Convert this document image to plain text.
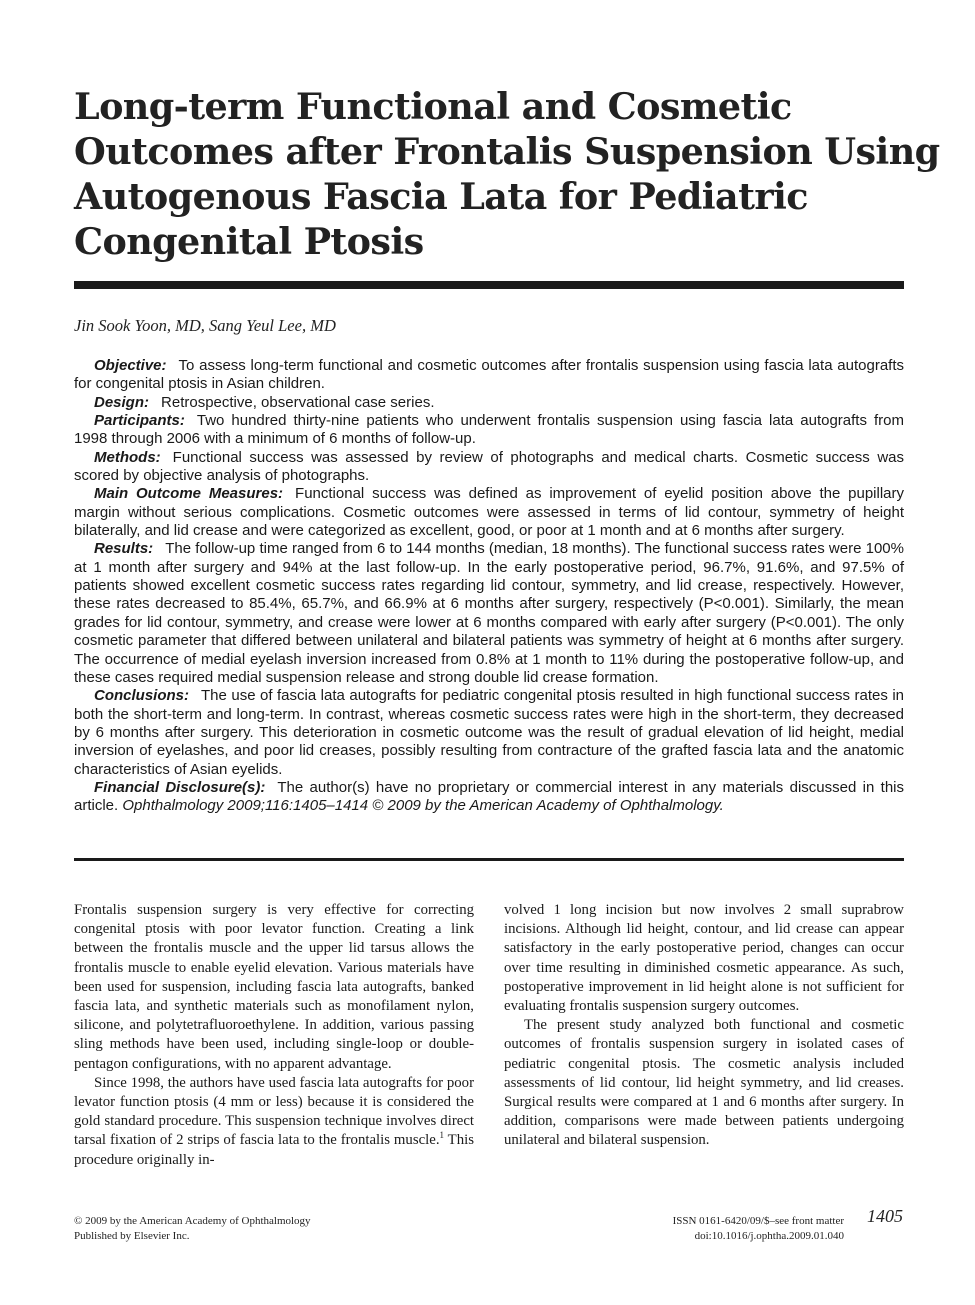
Long-term Functional and Cosmetic
Outcomes after Frontalis Suspension Using
Autogenous Fascia Lata for Pediatric
Congenital Ptosis
Jin Sook Yoon, MD, Sang Yeul Lee, MD

Objective: To assess long-term functional and cosmetic outcomes after frontalis suspension using fascia lata autografts for congenital ptosis in Asian children.

Design: Retrospective, observational case series.

Participants: Two hundred thirty-nine patients who underwent frontalis suspension using fascia lata autografts from 1998 through 2006 with a minimum of 6 months of follow-up.

Methods: Functional success was assessed by review of photographs and medical charts. Cosmetic success was scored by objective analysis of photographs.

Main Outcome Measures: Functional success was defined as improvement of eyelid position above the pupillary margin without serious complications. Cosmetic outcomes were assessed in terms of lid contour, symmetry of height bilaterally, and lid crease and were categorized as excellent, good, or poor at 1 month and at 6 months after surgery.

Results: The follow-up time ranged from 6 to 144 months (median, 18 months). The functional success rates were 100% at 1 month after surgery and 94% at the last follow-up. In the early postoperative period, 96.7%, 91.6%, and 97.5% of patients showed excellent cosmetic success rates regarding lid contour, symmetry, and lid crease, respectively. However, these rates decreased to 85.4%, 65.7%, and 66.9% at 6 months after surgery, respectively (P<0.001). Similarly, the mean grades for lid contour, symmetry, and crease were lower at 6 months compared with early after surgery (P<0.001). The only cosmetic parameter that differed between unilateral and bilateral patients was symmetry of height at 6 months after surgery. The occurrence of medial eyelash inversion increased from 0.8% at 1 month to 11% during the postoperative follow-up, and these cases required medial suspension release and strong double lid crease formation.

Conclusions: The use of fascia lata autografts for pediatric congenital ptosis resulted in high functional success rates in both the short-term and long-term. In contrast, whereas cosmetic success rates were high in the short-term, they decreased by 6 months after surgery. This deterioration in cosmetic outcome was the result of gradual elevation of lid height, medial inversion of eyelashes, and poor lid creases, possibly resulting from contracture of the grafted fascia lata and the anatomic characteristics of Asian eyelids.

Financial Disclosure(s): The author(s) have no proprietary or commercial interest in any materials discussed in this article. Ophthalmology 2009;116:1405–1414 © 2009 by the American Academy of Ophthalmology.

Frontalis suspension surgery is very effective for correcting congenital ptosis with poor levator function. Creating a link between the frontalis muscle and the upper lid tarsus allows the frontalis muscle to enable eyelid elevation. Various materials have been used for suspension, including fascia lata autografts, banked fascia lata, and synthetic materials such as monofilament nylon, silicone, and polytetrafluoroethylene. In addition, various passing sling methods have been used, including single-loop or double-pentagon configurations, with no apparent advantage.

Since 1998, the authors have used fascia lata autografts for poor levator function ptosis (4 mm or less) because it is considered the gold standard procedure. This suspension technique involves direct tarsal fixation of 2 strips of fascia lata to the frontalis muscle.$^1$ This procedure originally in-

volved 1 long incision but now involves 2 small suprabrow incisions. Although lid height, contour, and lid crease can appear satisfactory in the early postoperative period, changes can occur over time resulting in diminished cosmetic appearance. As such, postoperative improvement in lid height alone is not sufficient for evaluating frontalis suspension surgery outcomes.

The present study analyzed both functional and cosmetic outcomes of frontalis suspension surgery in isolated cases of pediatric congenital ptosis. The cosmetic analysis included assessments of lid contour, lid height symmetry, and lid creases. Surgical results were compared at 1 and 6 months after surgery. In addition, comparisons were made between patients undergoing unilateral and bilateral suspension.

© 2009 by the American Academy of Ophthalmology
Published by Elsevier Inc.
ISSN 0161-6420/09/$–see front matter
doi:10.1016/j.ophtha.2009.01.040
1405
